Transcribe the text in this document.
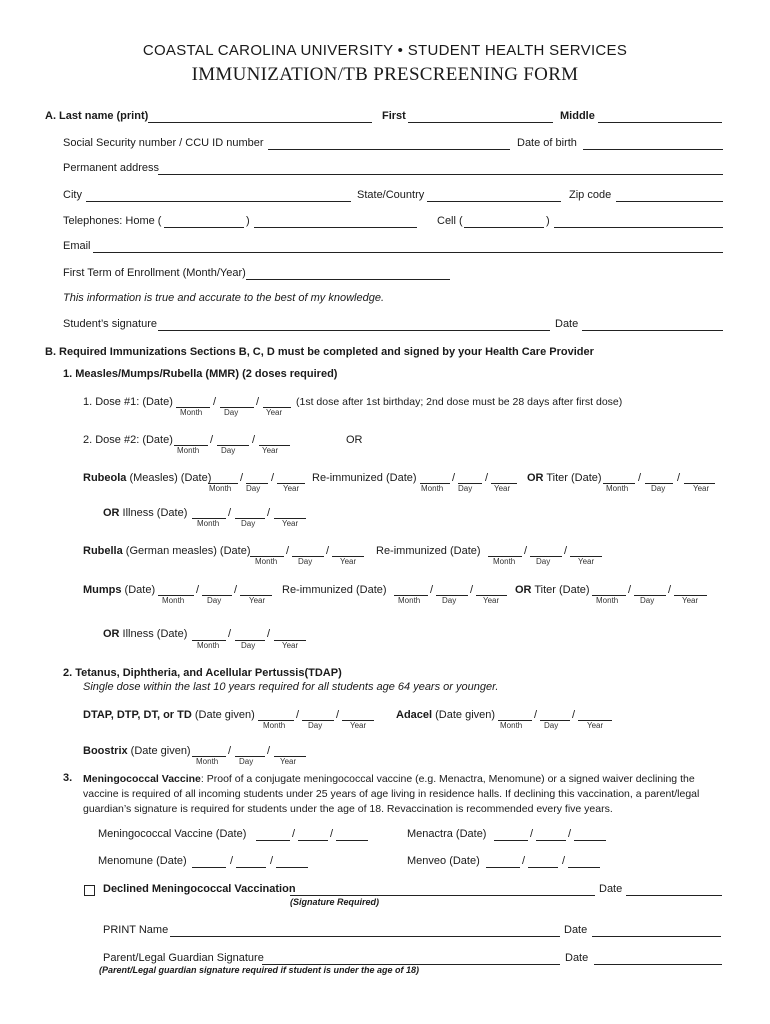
COASTAL CAROLINA UNIVERSITY • STUDENT HEALTH SERVICES
IMMUNIZATION/TB PRESCREENING FORM
A. Last name (print)	First	Middle
Social Security number / CCU ID number	Date of birth
Permanent address
City	State/Country	Zip code
Telephones: Home (	)	Cell (	)
Email
First Term of Enrollment (Month/Year)
This information is true and accurate to the best of my knowledge.
Student’s signature	Date
B. Required Immunizations Sections B, C, D must be completed and signed by your Health Care Provider
1. Measles/Mumps/Rubella (MMR) (2 doses required)
1. Dose #1: (Date)	/	/
Month	Day	Year
(1st dose after 1st birthday; 2nd dose must be 28 days after first dose)
2. Dose #2: (Date)	/	/
Month	Day	Year
OR
Rubeola (Measles) (Date)	/	/
Month Day	Year
Re-immunized (Date)	/	/
Month Day	Year
OR Titer (Date)	/	/
Month	Day	Year
OR Illness (Date)	/	/
Month	Day	Year
Rubella (German measles) (Date)	/	/
Month	Day	Year
Re-immunized (Date)	/	/
Month	Day	Year
Mumps (Date)	/	/
Month	Day	Year
Re-immunized (Date)	/	/
Month	Day	Year
OR Titer (Date)	/	/
Month	Day	Year
OR Illness (Date)	/	/
Month	Day	Year
2. Tetanus, Diphtheria, and Acellular Pertussis(TDAP)
Single dose within the last 10 years required for all students age 64 years or younger.
DTAP, DTP, DT, or TD (Date given)	/	/
Month	Day	Year
Adacel (Date given)	/	/
Month	Day	Year
Boostrix (Date given)	/	/
Month	Day	Year
3. Meningococcal Vaccine: Proof of a conjugate meningococcal vaccine (e.g. Menactra, Menomune) or a signed waiver declining the vaccine is required of all incoming students under 25 years of age living in residence halls. If declining this vaccination, a parent/legal guardian’s signature is required for students under the age of 18. Revaccination is recommended every five years.
Meningococcal Vaccine (Date)	/	/	Menactra (Date)	/	/
Menomune (Date)	/	/	Menveo (Date)	/	/
Declined Meningococcal Vaccination	Date
(Signature Required)
PRINT Name	Date
Parent/Legal Guardian Signature	Date
(Parent/Legal guardian signature required if student is under the age of 18)
